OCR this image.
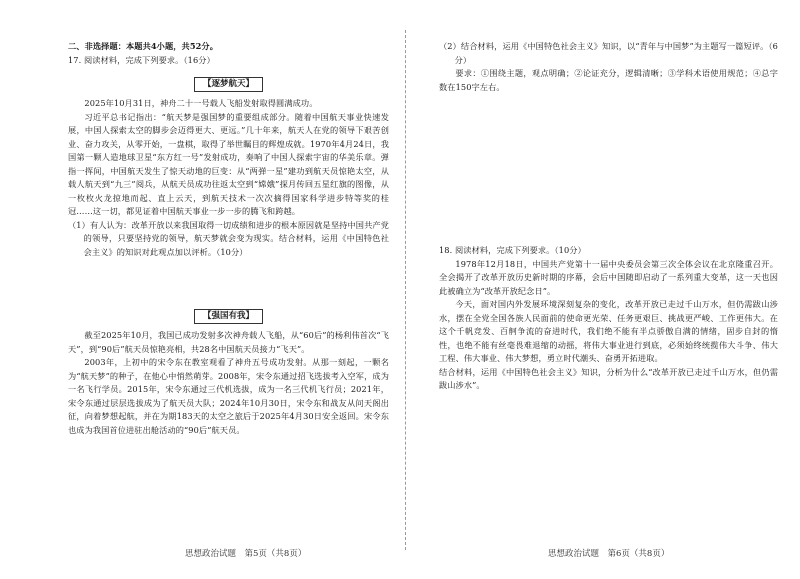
二、非选择题：本题共4小题，共52分。

17. 阅读材料，完成下列要求。（16分）

【逐梦航天】

2025年10月31日，神舟二十一号载人飞船发射取得圆满成功。

习近平总书记指出：“航天梦是强国梦的重要组成部分。随着中国航天事业快速发展，中国人探索太空的脚步会迈得更大、更远。”几十年来，航天人在党的领导下艰苦创业、奋力攻关，从零开始，一盘棋，取得了举世瞩目的辉煌成就。1970年4月24日，我国第一颗人造地球卫星“东方红一号”发射成功，奏响了中国人探索宇宙的华美乐章。弹指一挥间，中国航天发生了惊天动地的巨变：从“两弹一星”建功到航天员惊艳太空，从载人航天到“九三”阅兵，从航天员成功往返太空到“嫦娥”探月传回五星红旗的图像，从一枚枚火龙掠地而起、直上云天，到航天技术一次次摘得国家科学进步特等奖的桂冠……这一切，都见证着中国航天事业一步一步的腾飞和跨越。

（1）有人认为：改革开放以来我国取得一切成绩和进步的根本原因就是坚持中国共产党的领导，只要坚持党的领导，航天梦就会变为现实。结合材料，运用《中国特色社会主义》的知识对此观点加以评析。（10分）

【强国有我】

截至2025年10月，我国已成功发射多次神舟载人飞船，从“60后”的杨利伟首次“飞天”，到“90后”航天员惊艳亮相，共28名中国航天员接力“飞天”。

2003年，上初中的宋令东在教室观看了神舟五号成功发射。从那一刻起，一颗名为“航天梦”的种子，在他心中悄然萌芽。2008年，宋令东通过招飞选拔考入空军，成为一名飞行学员。2015年，宋令东通过三代机选拔，成为一名三代机飞行员；2021年，宋令东通过层层选拔成为了航天员大队；2024年10月30日，宋令东和战友从问天阁出征，向着梦想起航，并在为期183天的太空之旅后于2025年4月30日安全返回。宋令东也成为我国首位进驻出舱活动的“90后”航天员。

（2）结合材料，运用《中国特色社会主义》知识，以“青年与中国梦”为主题写一篇短评。（6分）

要求：①围绕主题，观点明确；②论证充分，逻辑清晰；③学科术语使用规范；④总字数在150字左右。

18. 阅读材料，完成下列要求。（10分）

1978年12月18日，中国共产党第十一届中央委员会第三次全体会议在北京隆重召开。全会揭开了改革开放历史新时期的序幕，会后中国随即启动了一系列重大变革，这一天也因此被确立为“改革开放纪念日”。

今天，面对国内外发展环境深刻复杂的变化，改革开放已走过千山万水，但仍需跋山涉水，摆在全党全国各族人民面前的使命更光荣、任务更艰巨、挑战更严峻、工作更伟大。在这个千帆竞发、百舸争流的奋进时代，我们绝不能有半点骄傲自满的情绪，固步自封的惰性，也绝不能有丝毫畏难退缩的动摇，将伟大事业进行到底，必须始终统揽伟大斗争、伟大工程、伟大事业、伟大梦想，勇立时代潮头、奋勇开拓进取。

结合材料，运用《中国特色社会主义》知识，分析为什么“改革开放已走过千山万水，但仍需跋山涉水”。

思想政治试题　第5页（共8页）	思想政治试题　第6页（共8页）
